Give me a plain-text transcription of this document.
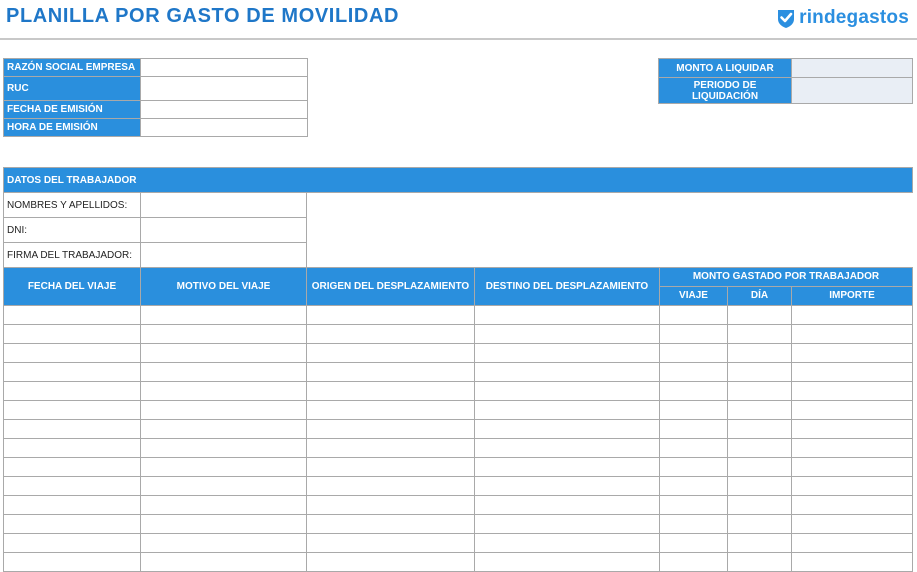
PLANILLA POR GASTO DE MOVILIDAD	rindegastos
RAZÓN SOCIAL EMPRESA	
RUC	
FECHA DE EMISIÓN	
HORA DE EMISIÓN	
MONTO A LIQUIDAR	
PERIODO DE LIQUIDACIÓN	
DATOS DEL TRABAJADOR						
NOMBRES Y APELLIDOS:						
DNI:						
FIRMA DEL TRABAJADOR:						
FECHA DEL VIAJE	MOTIVO DEL VIAJE	ORIGEN DEL DESPLAZAMIENTO	DESTINO DEL DESPLAZAMIENTO	MONTO GASTADO POR TRABAJADOR		
				VIAJE	DÍA	IMPORTE
